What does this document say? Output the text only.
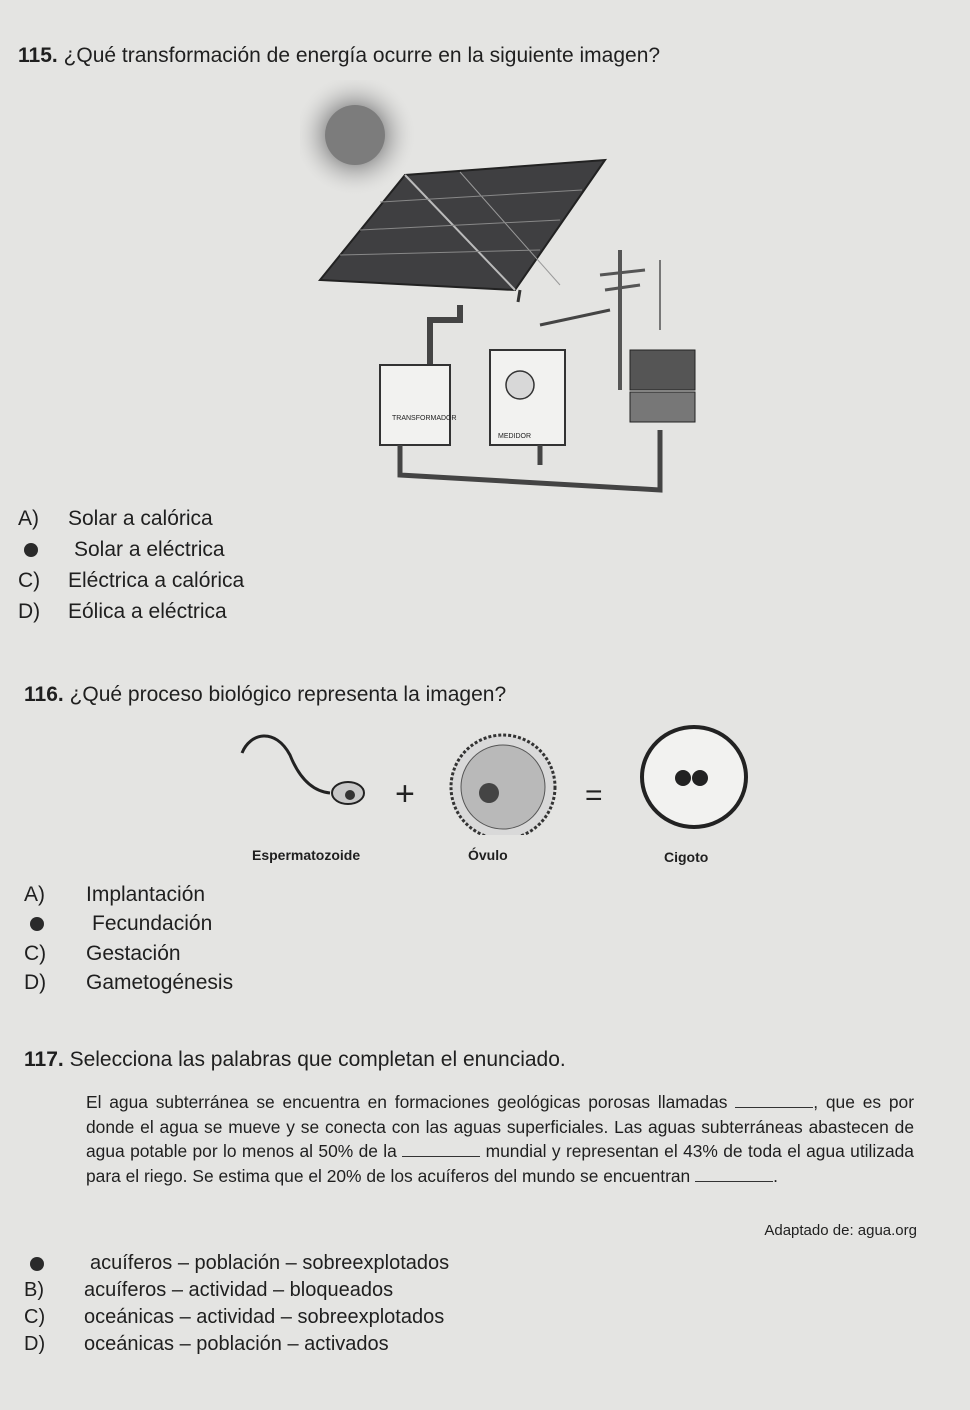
115. ¿Qué transformación de energía ocurre en la siguiente imagen?
TRANSFORMADOR
MEDIDOR
A)	Solar a calórica
Solar a eléctrica
C)	Eléctrica a calórica
D)	Eólica a eléctrica
116. ¿Qué proceso biológico representa la imagen?
+	=
Espermatozoide	Óvulo	Cigoto
A)	Implantación
Fecundación
C)	Gestación
D)	Gametogénesis
117. Selecciona las palabras que completan el enunciado.
El agua subterránea se encuentra en formaciones geológicas porosas llamadas	, que es por donde el agua se mueve y se conecta con las aguas superficiales. Las aguas subterráneas abastecen de agua potable por lo menos al 50% de la	mundial y representan el 43% de toda el agua utilizada para el riego. Se estima que el 20% de los acuíferos del mundo se encuentran	.
Adaptado de: agua.org
acuíferos – población – sobreexplotados
B)	acuíferos – actividad – bloqueados
C)	oceánicas – actividad – sobreexplotados
D)	oceánicas – población – activados
